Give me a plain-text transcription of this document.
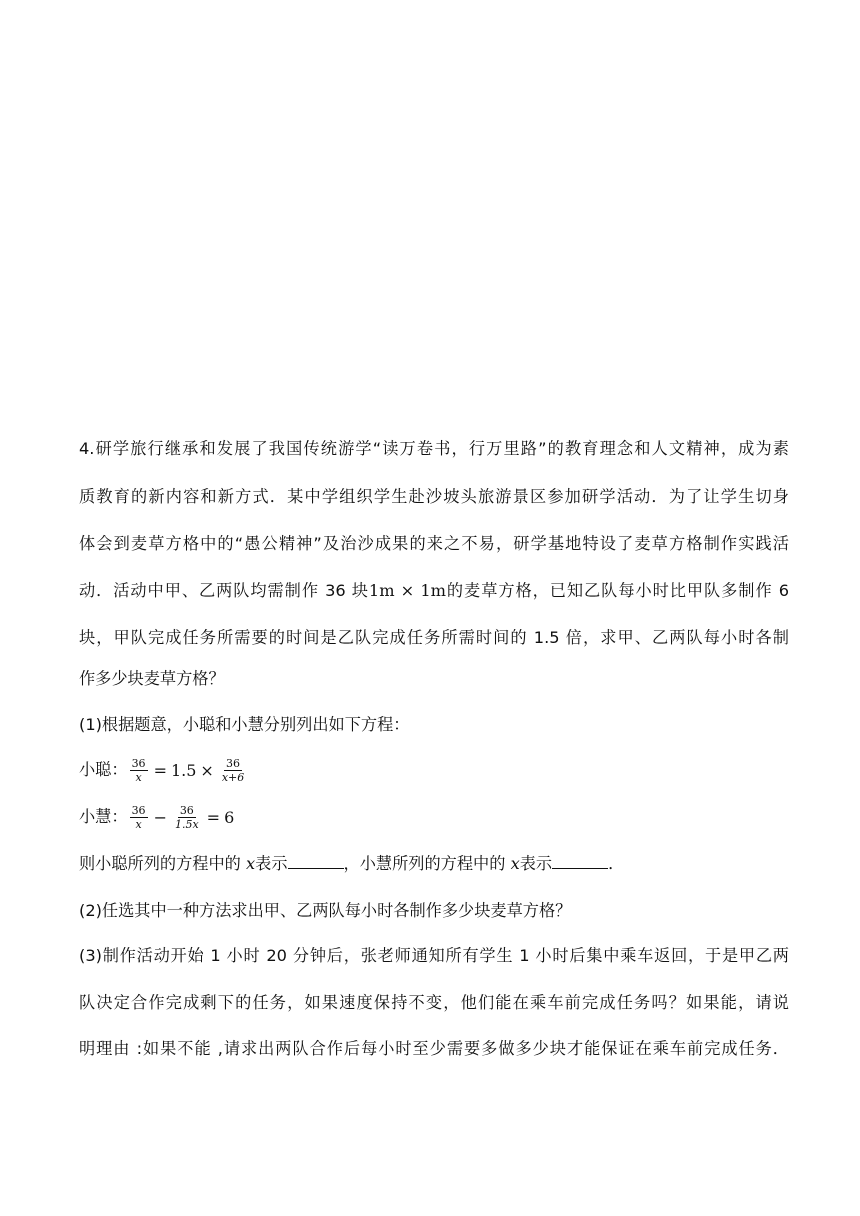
4.研学旅行继承和发展了我国传统游学“读万卷书，行万里路”的教育理念和人文精神，成为素
质教育的新内容和新方式．某中学组织学生赴沙坡头旅游景区参加研学活动．为了让学生切身
体会到麦草方格中的“愚公精神”及治沙成果的来之不易，研学基地特设了麦草方格制作实践活
动．活动中甲、乙两队均需制作 36 块1m × 1m的麦草方格，已知乙队每小时比甲队多制作 6
块，甲队完成任务所需要的时间是乙队完成任务所需时间的 1.5 倍，求甲、乙两队每小时各制
作多少块麦草方格？
(1)根据题意，小聪和小慧分别列出如下方程：
小聪： $\frac{36}{x} = 1.5 \times \frac{36}{x+6}$
小慧： $\frac{36}{x} - \frac{36}{1.5x} = 6$
则小聪所列的方程中的 x表示	，小慧所列的方程中的 x表示	．
(2)任选其中一种方法求出甲、乙两队每小时各制作多少块麦草方格？
(3)制作活动开始 1 小时 20 分钟后，张老师通知所有学生 1 小时后集中乘车返回，于是甲乙两
队决定合作完成剩下的任务，如果速度保持不变，他们能在乘车前完成任务吗？如果能，请说
明理由 :如果不能 ,请求出两队合作后每小时至少需要多做多少块才能保证在乘车前完成任务．
